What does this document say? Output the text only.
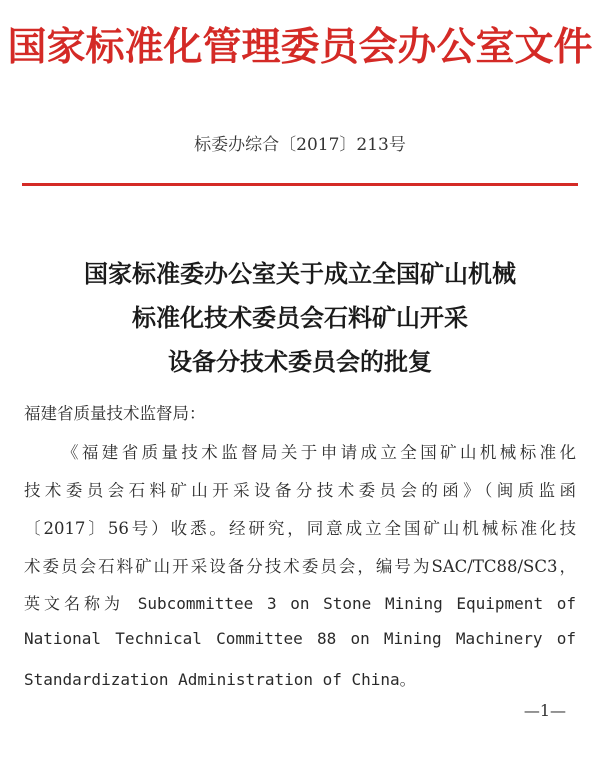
国家标准化管理委员会办公室文件
标委办综合〔2017〕213号
国家标准委办公室关于成立全国矿山机械
标准化技术委员会石料矿山开采
设备分技术委员会的批复
福建省质量技术监督局：
《福建省质量技术监督局关于申请成立全国矿山机械标准化
技术委员会石料矿山开采设备分技术委员会的函》（闽质监函
〔2017〕56号）收悉。经研究，同意成立全国矿山机械标准化技
术委员会石料矿山开采设备分技术委员会，编号为SAC/TC88/SC3，
英文名称为 Subcommittee 3 on Stone Mining Equipment of
National Technical Committee 88 on Mining Machinery of
Standardization Administration of China。
—1—
